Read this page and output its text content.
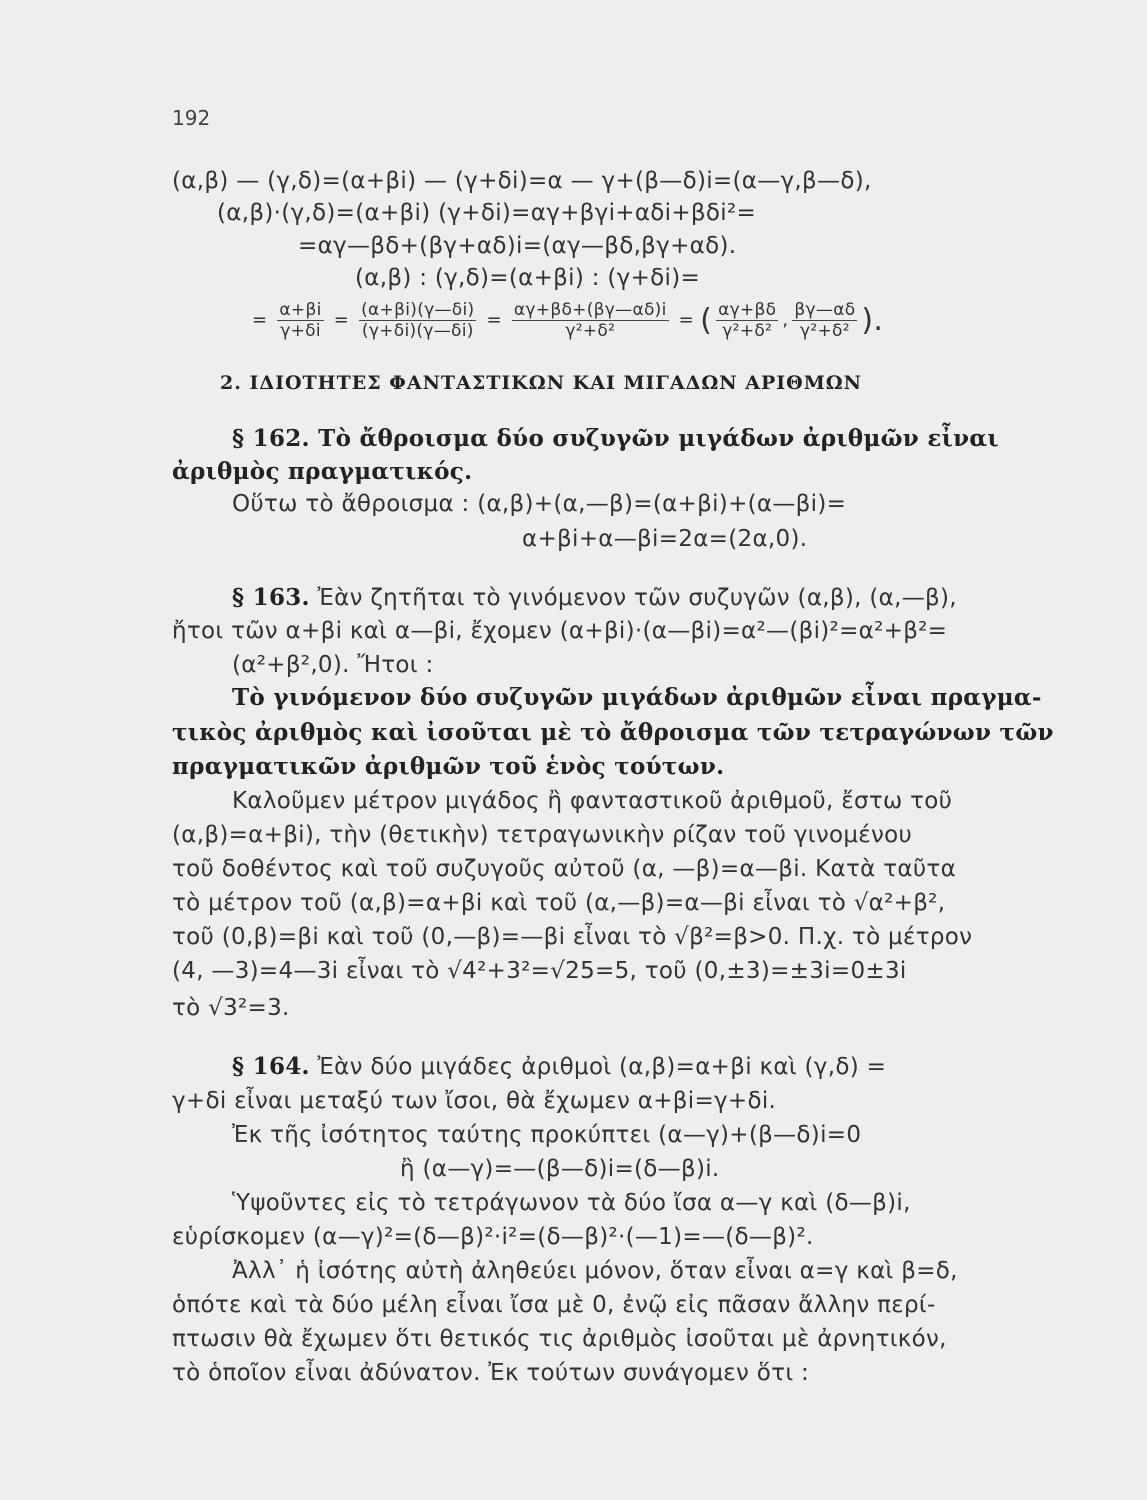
192
(α,β) — (γ,δ)=(α+βi) — (γ+δi)=α — γ+(β—δ)i=(α—γ,β—δ),
(α,β)·(γ,δ)=(α+βi) (γ+δi)=αγ+βγi+αδi+βδi²=
=αγ—βδ+(βγ+αδ)i=(αγ—βδ,βγ+αδ).
(α,β) : (γ,δ)=(α+βi) : (γ+δi)=
= $\frac{\alpha+\beta i}{\gamma+\delta i} = \frac{(\alpha+\beta i)(\gamma—\delta i)}{(\gamma+\delta i)(\gamma—\delta i)} = \frac{\alpha\gamma+\beta\delta+(\beta\gamma—\alpha\delta)i}{\text{γ²+δ²}}$ = ( $\frac{\alpha\gamma+\beta\delta}{\text{γ²+δ²}}$ , $\frac{\beta\gamma—\alpha\delta}{\text{γ²+δ²}}$ ).
2. ΙΔΙΟΤΗΤΕΣ ΦΑΝΤΑΣΤΙΚΩΝ ΚΑΙ ΜΙΓΑΔΩΝ ΑΡΙΘΜΩΝ
§ 162. Τὸ ἄθροισμα δύο συζυγῶν μιγάδων ἀριθμῶν εἶναι
ἀριθμὸς πραγματικός.
Οὕτω τὸ ἄθροισμα : (α,β)+(α,—β)=(α+βi)+(α—βi)=
α+βi+α—βi=2α=(2α,0).
§ 163. Ἐὰν ζητῆται τὸ γινόμενον τῶν συζυγῶν (α,β), (α,—β),
ἤτοι τῶν α+βi καὶ α—βi, ἔχομεν (α+βi)·(α—βi)=α²—(βi)²=α²+β²=
(α²+β²,0). Ἤτοι :
Τὸ γινόμενον δύο συζυγῶν μιγάδων ἀριθμῶν εἶναι πραγμα-
τικὸς ἀριθμὸς καὶ ἰσοῦται μὲ τὸ ἄθροισμα τῶν τετραγώνων τῶν
πραγματικῶν ἀριθμῶν τοῦ ἑνὸς τούτων.
Καλοῦμεν μέτρον μιγάδος ἢ φανταστικοῦ ἀριθμοῦ, ἔστω τοῦ
(α,β)=α+βi), τὴν (θετικὴν) τετραγωνικὴν ρίζαν τοῦ γινομένου
τοῦ δοθέντος καὶ τοῦ συζυγοῦς αὐτοῦ (α, —β)=α—βi. Κατὰ ταῦτα
τὸ μέτρον τοῦ (α,β)=α+βi καὶ τοῦ (α,—β)=α—βi εἶναι τὸ √α²+β²,
τοῦ (0,β)=βi καὶ τοῦ (0,—β)=—βi εἶναι τὸ √β²=β>0. Π.χ. τὸ μέτρον
(4, —3)=4—3i εἶναι τὸ √4²+3²=√25=5, τοῦ (0,±3)=±3i=0±3i
τὸ √3²=3.
§ 164. Ἐὰν δύο μιγάδες ἀριθμοὶ (α,β)=α+βi καὶ (γ,δ) =
γ+δi εἶναι μεταξύ των ἴσοι, θὰ ἔχωμεν α+βi=γ+δi.
Ἐκ τῆς ἰσότητος ταύτης προκύπτει (α—γ)+(β—δ)i=0
ἢ (α—γ)=—(β—δ)i=(δ—β)i.
Ὑψοῦντες εἰς τὸ τετράγωνον τὰ δύο ἴσα α—γ καὶ (δ—β)i,
εὑρίσκομεν (α—γ)²=(δ—β)²·i²=(δ—β)²·(—1)=—(δ—β)².
Ἀλλ᾽ ἡ ἰσότης αὐτὴ ἀληθεύει μόνον, ὅταν εἶναι α=γ καὶ β=δ,
ὁπότε καὶ τὰ δύο μέλη εἶναι ἴσα μὲ 0, ἐνῷ εἰς πᾶσαν ἄλλην περί-
πτωσιν θὰ ἔχωμεν ὅτι θετικός τις ἀριθμὸς ἰσοῦται μὲ ἀρνητικόν,
τὸ ὁποῖον εἶναι ἀδύνατον. Ἐκ τούτων συνάγομεν ὅτι :
